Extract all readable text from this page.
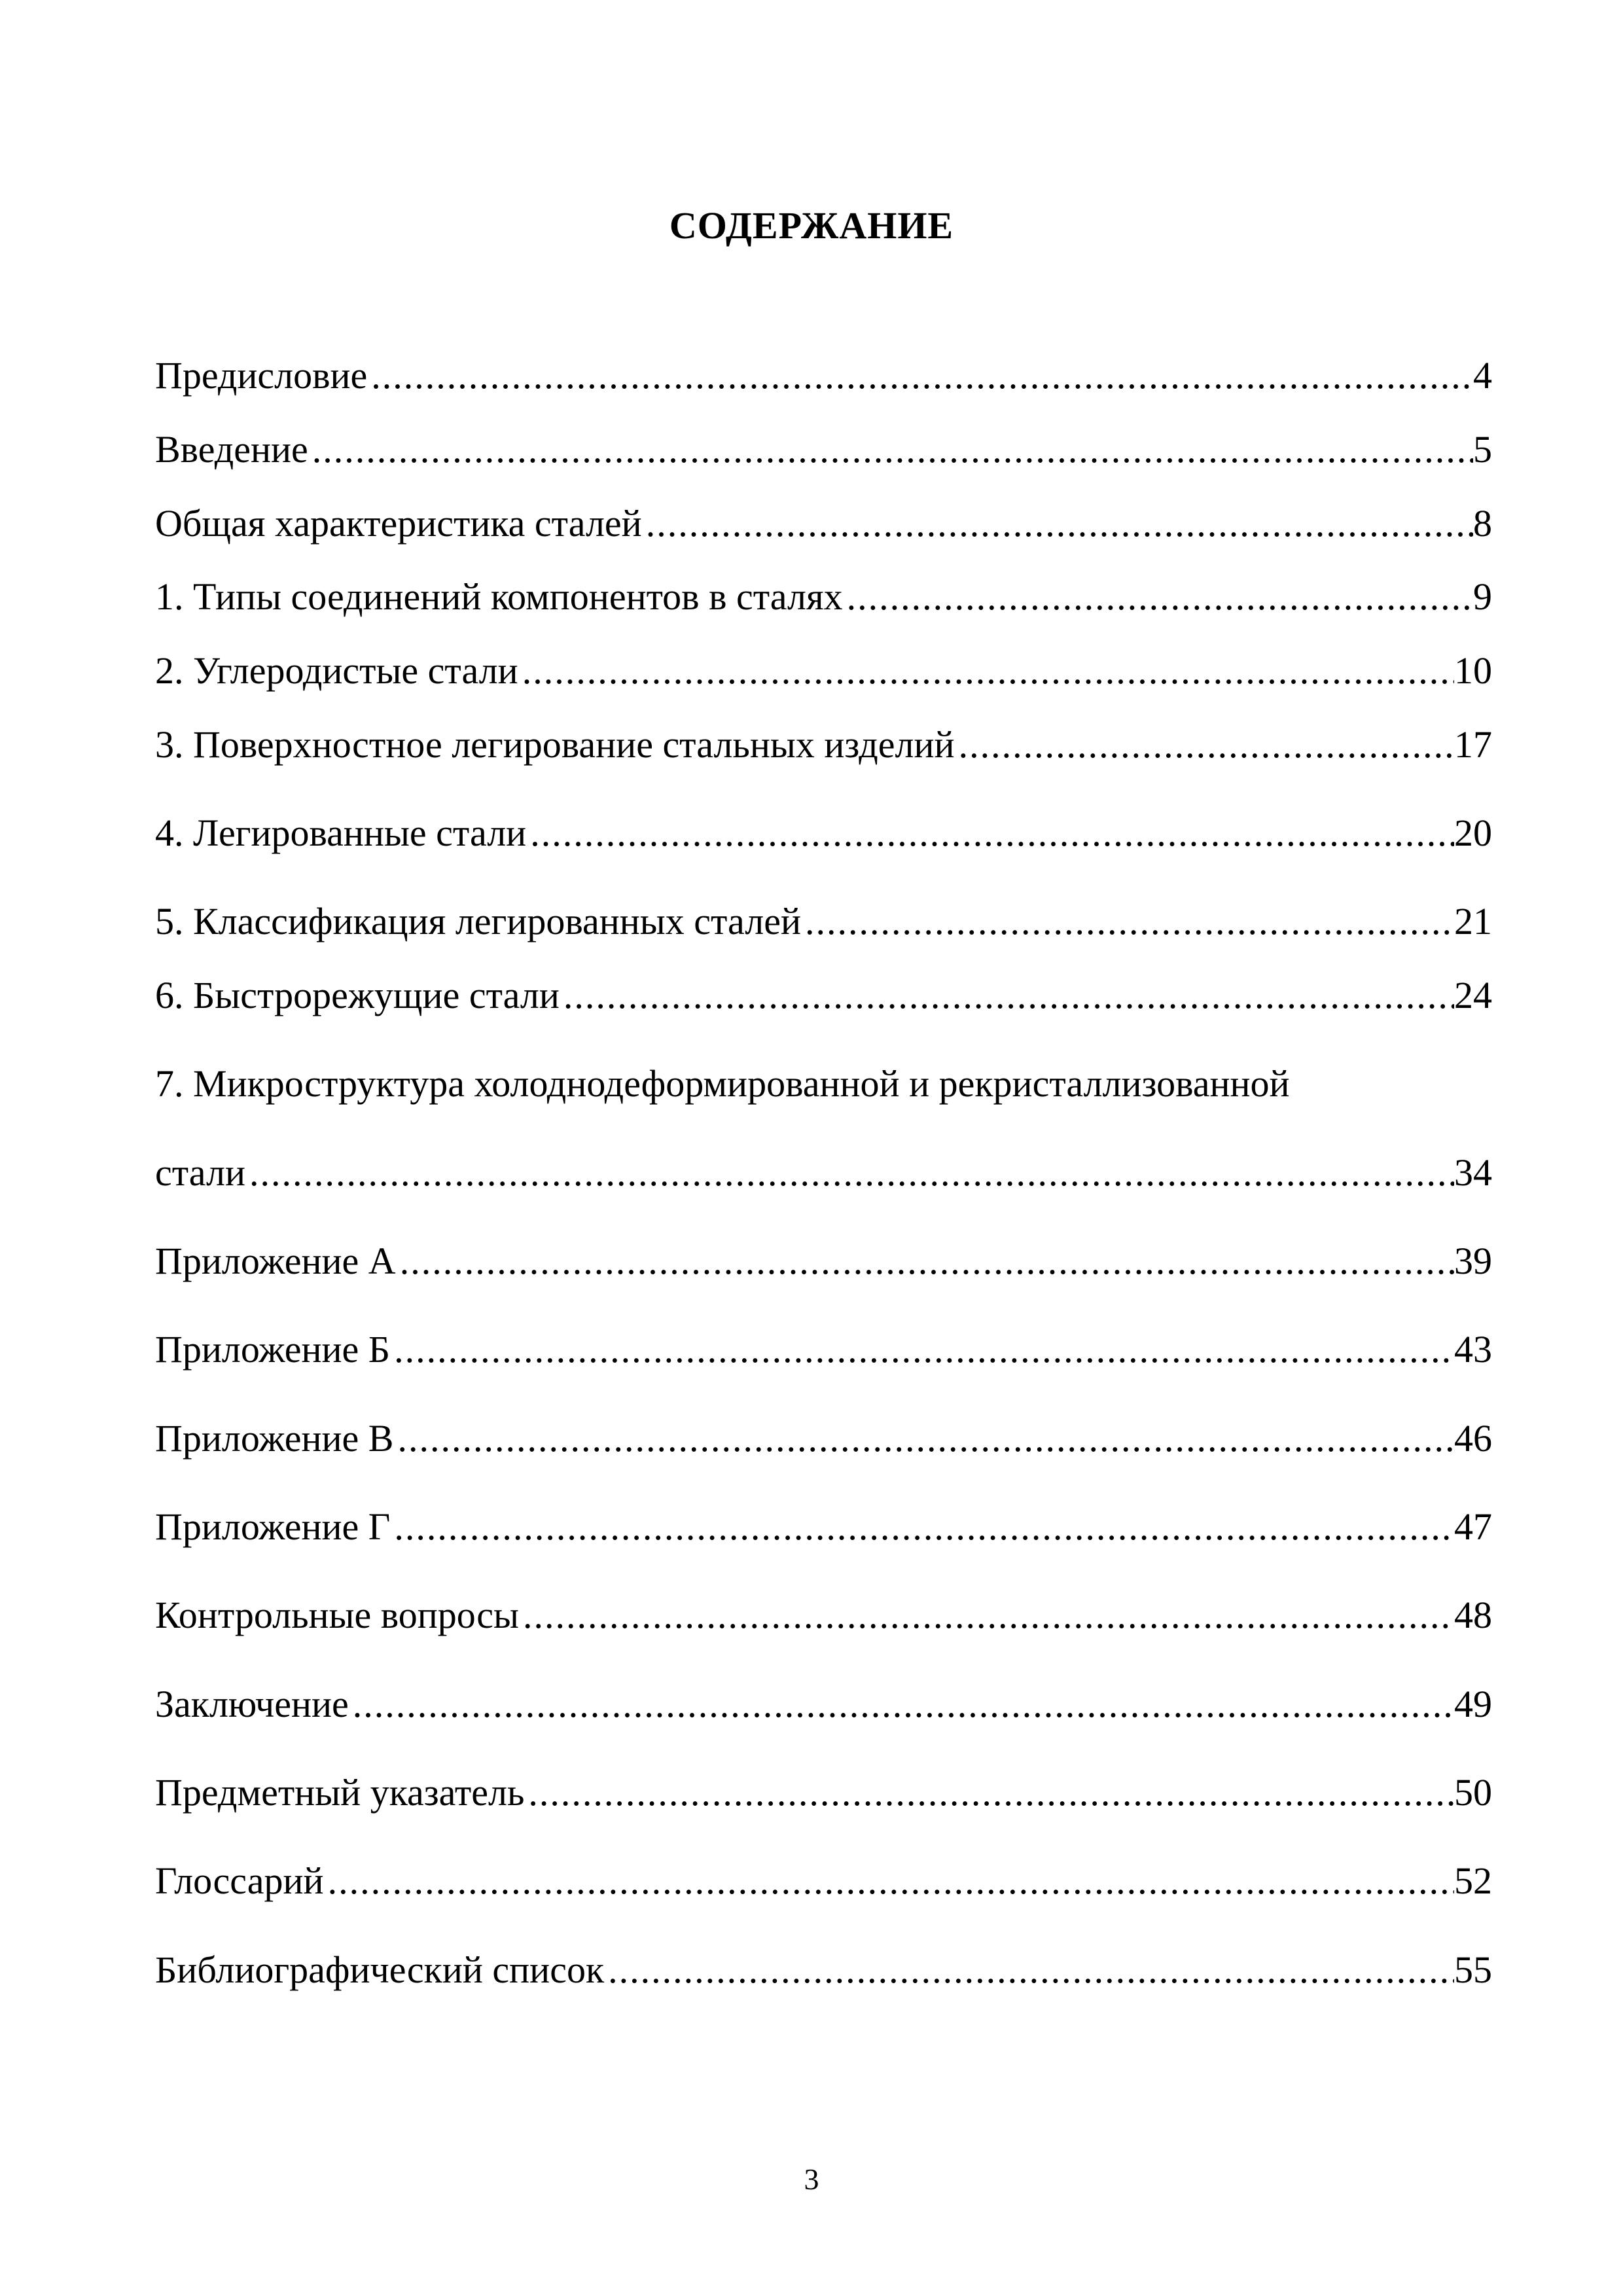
СОДЕРЖАНИЕ
Предисловие .....	4
Введение .....	5
Общая характеристика сталей .....	8
1. Типы соединений компонентов в сталях .....	9
2. Углеродистые стали .....	10
3. Поверхностное легирование стальных изделий .....	17
4. Легированные стали .....	20
5. Классификация легированных сталей .....	21
6. Быстрорежущие стали .....	24
7. Микроструктура холоднодеформированной и рекристаллизованной
стали .....	34
Приложение А .....	39
Приложение Б .....	43
Приложение В .....	46
Приложение Г .....	47
Контрольные вопросы .....	48
Заключение .....	49
Предметный указатель .....	50
Глоссарий .....	52
Библиографический список .....	55
3
